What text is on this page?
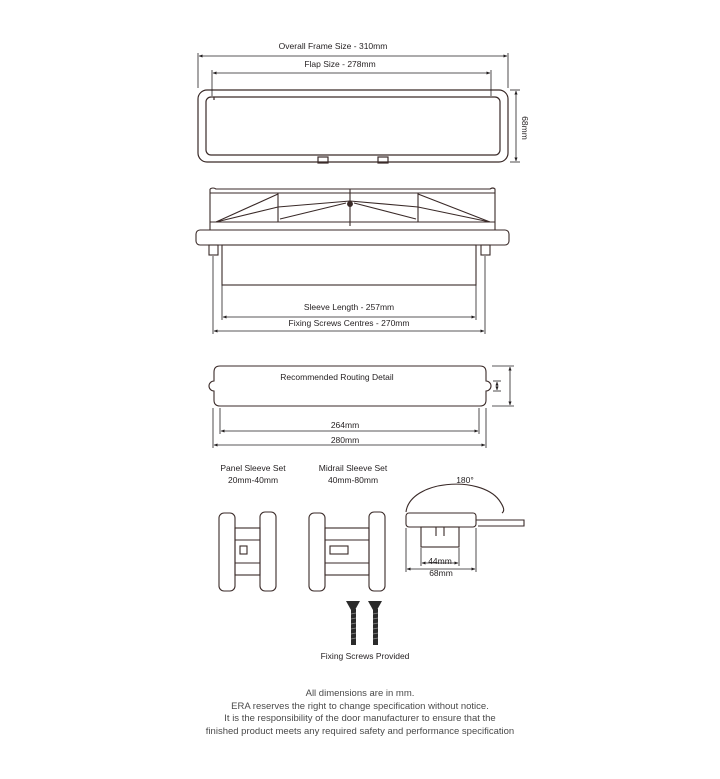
Overall Frame Size - 310mm
Flap Size - 278mm
68mm
Sleeve Length - 257mm
Fixing Screws Centres - 270mm
Recommended Routing Detail
264mm
280mm
Panel Sleeve Set
20mm-40mm
Midrail Sleeve Set
40mm-80mm	180°
44mm
68mm
Fixing Screws Provided
All dimensions are in mm.
ERA reserves the right to change specification without notice.
It is the responsibility of the door manufacturer to ensure that the
finished product meets any required safety and performance specification
